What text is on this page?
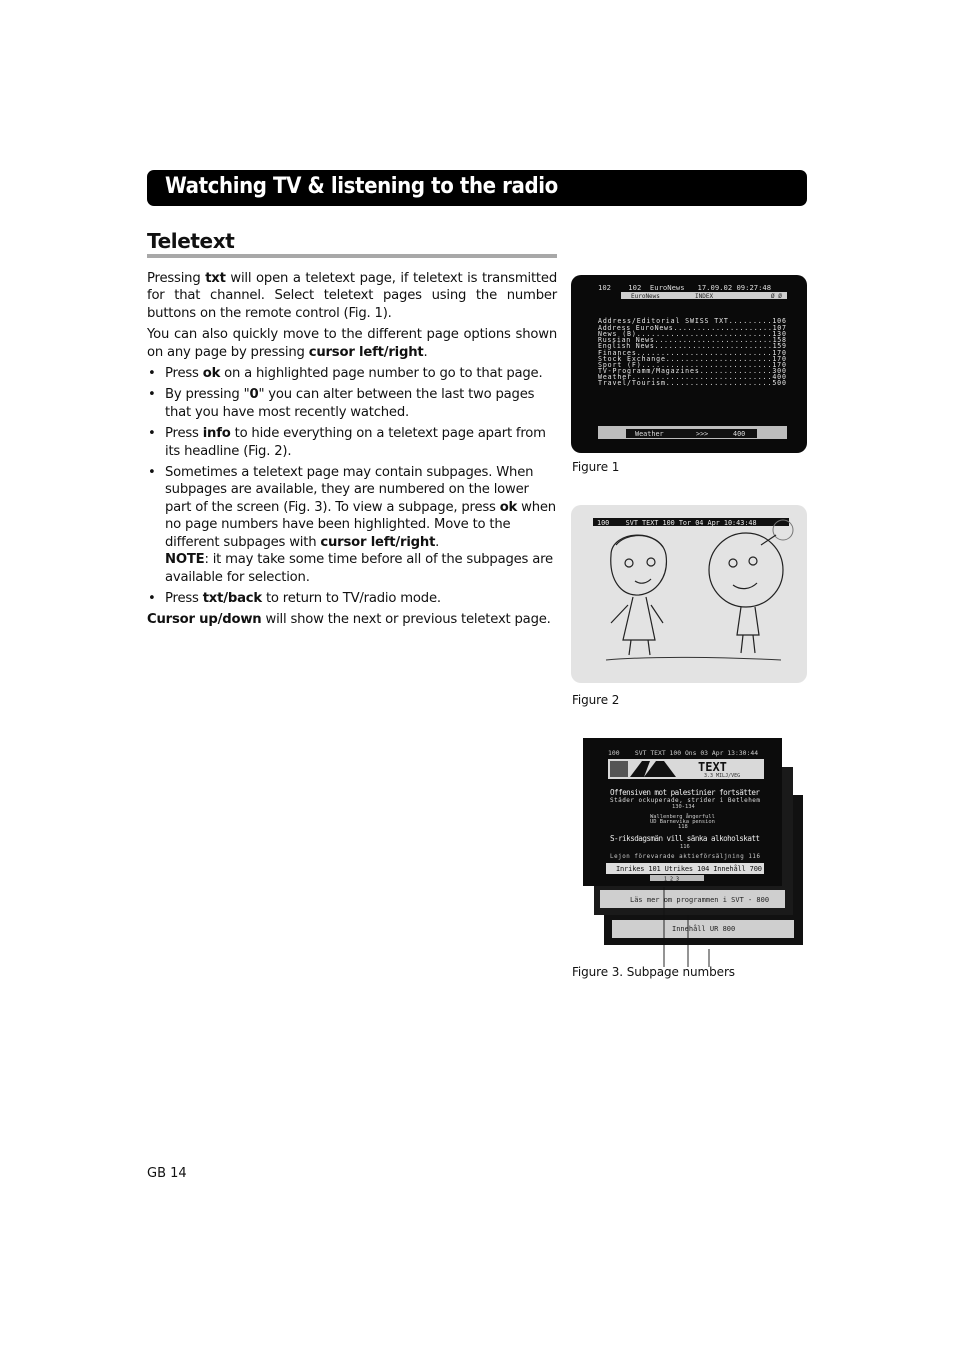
Watching TV & listening to the radio
Teletext

Pressing txt will open a teletext page, if teletext is transmitted for that channel. Select teletext pages using the number buttons on the remote control (Fig. 1).

You can also quickly move to the different page options shown on any page by pressing cursor left/right.

• Press ok on a highlighted page number to go to that page.
• By pressing "0" you can alter between the last two pages that you have most recently watched.
• Press info to hide everything on a teletext page apart from its headline (Fig. 2).
• Sometimes a teletext page may contain subpages. When subpages are available, they are numbered on the lower part of the screen (Fig. 3). To view a subpage, press ok when no page numbers have been highlighted. Move to the different subpages with cursor left/right.
NOTE: it may take some time before all of the subpages are available for selection.
• Press txt/back to return to TV/radio mode.

Cursor up/down will show the next or previous teletext page.

102    102  EuroNews   17.09.02 09:27:48
EuroNews	INDEX	Ø Ø
Address/Editorial SWISS TXT.........106
Address EuroNews.....................107
News (B)............................130
Russian News.........................158
English News.........................159
Finances............................170
Stock Exchange......................170
Sport (F)...........................170
TV-Programm/Magazines...............300
Weather.............................400
Travel/Tourism......................500
Weather	>>>	400
Figure 1
100    SVT TEXT 100 Tor 04 Apr 10:43:48
Figure 2
Innehåll UR 800
Läs mer om programmen i SVT - 800
100    SVT TEXT 100 Ons 03 Apr 13:30:44
TEXT
3.3 MILJ/VEG
Offensiven mot palestinier fortsätter
Städer ockuperade, strider i Betlehem
130-134
Wallenberg ångerfull
UD Barnevika pension
118
S-riksdagsmän vill sänka alkoholskatt
116
Lejon förevarade aktieförsäljning 116
Inrikes 101 Utrikes 104 Innehåll 700
1 2 3
Figure 3. Subpage numbers
GB 14
